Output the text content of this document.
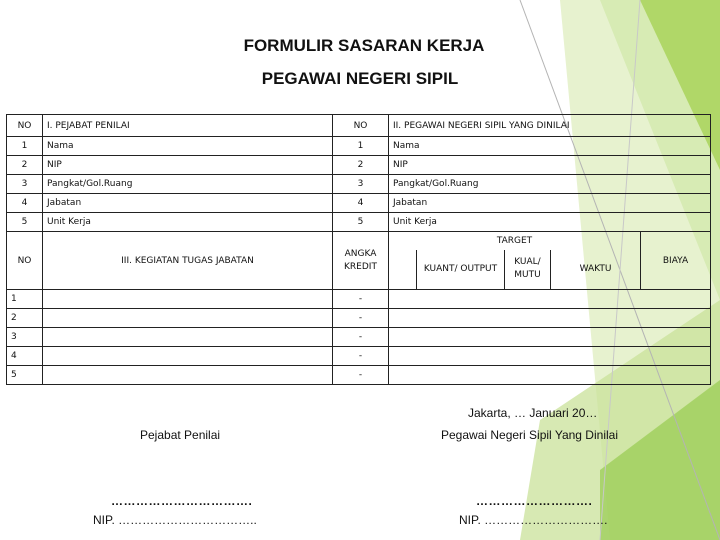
FORMULIR SASARAN KERJA
PEGAWAI NEGERI SIPIL
NO	I. PEJABAT PENILAI	NO	II. PEGAWAI NEGERI SIPIL YANG DINILAI				
1	Nama	1	Nama				
2	NIP	2	NIP				
3	Pangkat/Gol.Ruang	3	Pangkat/Gol.Ruang				
4	Jabatan	4	Jabatan				
5	Unit Kerja	5	Unit Kerja				
NO	III. KEGIATAN TUGAS JABATAN	ANGKA KREDIT	TARGET				BIAYA
				KUANT/ OUTPUT	KUAL/ MUTU	WAKTU	
1		-					
2		-					
3		-					
4		-					
5		-					
Jakarta, … Januari 20…
Pejabat Penilai	Pegawai Negeri Sipil Yang Dinilai
…………………………….	……………………….
NIP. ……………………………..	NIP. ………………………….
